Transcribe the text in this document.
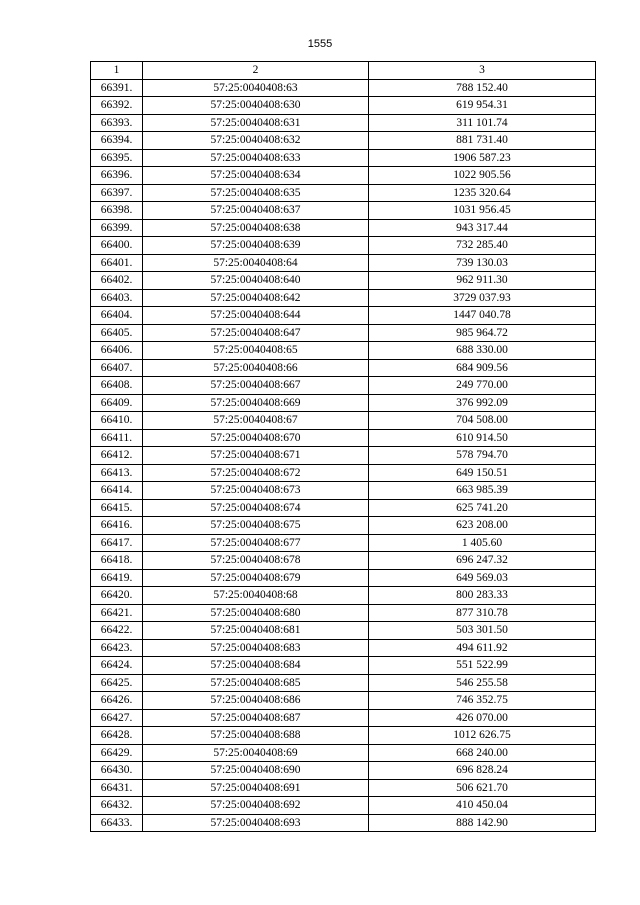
1555
1	2	3
66391.	57:25:0040408:63	788 152.40
66392.	57:25:0040408:630	619 954.31
66393.	57:25:0040408:631	311 101.74
66394.	57:25:0040408:632	881 731.40
66395.	57:25:0040408:633	1906 587.23
66396.	57:25:0040408:634	1022 905.56
66397.	57:25:0040408:635	1235 320.64
66398.	57:25:0040408:637	1031 956.45
66399.	57:25:0040408:638	943 317.44
66400.	57:25:0040408:639	732 285.40
66401.	57:25:0040408:64	739 130.03
66402.	57:25:0040408:640	962 911.30
66403.	57:25:0040408:642	3729 037.93
66404.	57:25:0040408:644	1447 040.78
66405.	57:25:0040408:647	985 964.72
66406.	57:25:0040408:65	688 330.00
66407.	57:25:0040408:66	684 909.56
66408.	57:25:0040408:667	249 770.00
66409.	57:25:0040408:669	376 992.09
66410.	57:25:0040408:67	704 508.00
66411.	57:25:0040408:670	610 914.50
66412.	57:25:0040408:671	578 794.70
66413.	57:25:0040408:672	649 150.51
66414.	57:25:0040408:673	663 985.39
66415.	57:25:0040408:674	625 741.20
66416.	57:25:0040408:675	623 208.00
66417.	57:25:0040408:677	1 405.60
66418.	57:25:0040408:678	696 247.32
66419.	57:25:0040408:679	649 569.03
66420.	57:25:0040408:68	800 283.33
66421.	57:25:0040408:680	877 310.78
66422.	57:25:0040408:681	503 301.50
66423.	57:25:0040408:683	494 611.92
66424.	57:25:0040408:684	551 522.99
66425.	57:25:0040408:685	546 255.58
66426.	57:25:0040408:686	746 352.75
66427.	57:25:0040408:687	426 070.00
66428.	57:25:0040408:688	1012 626.75
66429.	57:25:0040408:69	668 240.00
66430.	57:25:0040408:690	696 828.24
66431.	57:25:0040408:691	506 621.70
66432.	57:25:0040408:692	410 450.04
66433.	57:25:0040408:693	888 142.90
